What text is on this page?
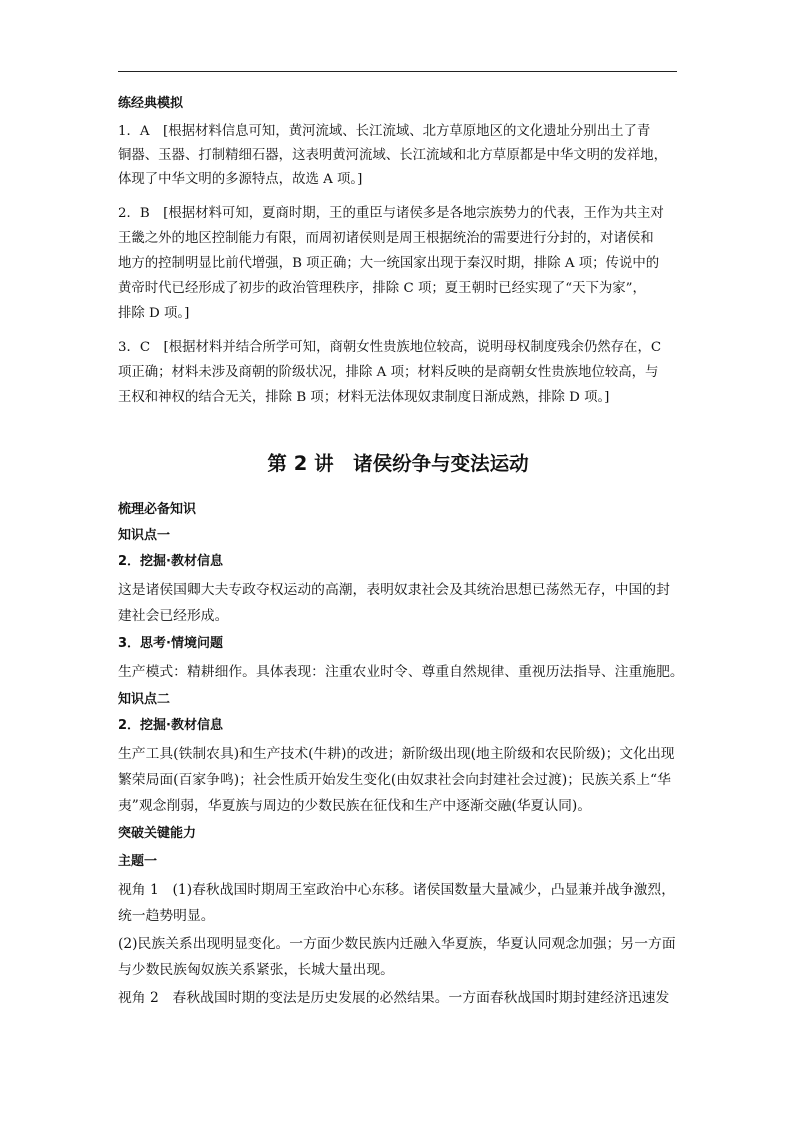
练经典模拟
1．A　[根据材料信息可知，黄河流域、长江流域、北方草原地区的文化遗址分别出土了青
铜器、玉器、打制精细石器，这表明黄河流域、长江流域和北方草原都是中华文明的发祥地，
体现了中华文明的多源特点，故选 A 项。]
2．B　[根据材料可知，夏商时期，王的重臣与诸侯多是各地宗族势力的代表，王作为共主对
王畿之外的地区控制能力有限，而周初诸侯则是周王根据统治的需要进行分封的，对诸侯和
地方的控制明显比前代增强，B 项正确；大一统国家出现于秦汉时期，排除 A 项；传说中的
黄帝时代已经形成了初步的政治管理秩序，排除 C 项；夏王朝时已经实现了“天下为家”，
排除 D 项。]
3．C　[根据材料并结合所学可知，商朝女性贵族地位较高，说明母权制度残余仍然存在，C
项正确；材料未涉及商朝的阶级状况，排除 A 项；材料反映的是商朝女性贵族地位较高，与
王权和神权的结合无关，排除 B 项；材料无法体现奴隶制度日渐成熟，排除 D 项。]
第 2 讲　诸侯纷争与变法运动
梳理必备知识
知识点一
2．挖掘·教材信息
这是诸侯国卿大夫专政夺权运动的高潮，表明奴隶社会及其统治思想已荡然无存，中国的封
建社会已经形成。
3．思考·情境问题
生产模式：精耕细作。具体表现：注重农业时令、尊重自然规律、重视历法指导、注重施肥。
知识点二
2．挖掘·教材信息
生产工具(铁制农具)和生产技术(牛耕)的改进；新阶级出现(地主阶级和农民阶级)；文化出现
繁荣局面(百家争鸣)；社会性质开始发生变化(由奴隶社会向封建社会过渡)；民族关系上“华
夷”观念削弱，华夏族与周边的少数民族在征伐和生产中逐渐交融(华夏认同)。
突破关键能力
主题一
视角 1　(1)春秋战国时期周王室政治中心东移。诸侯国数量大量减少，凸显兼并战争激烈，
统一趋势明显。
(2)民族关系出现明显变化。一方面少数民族内迁融入华夏族，华夏认同观念加强；另一方面
与少数民族匈奴族关系紧张，长城大量出现。
视角 2　春秋战国时期的变法是历史发展的必然结果。一方面春秋战国时期封建经济迅速发
